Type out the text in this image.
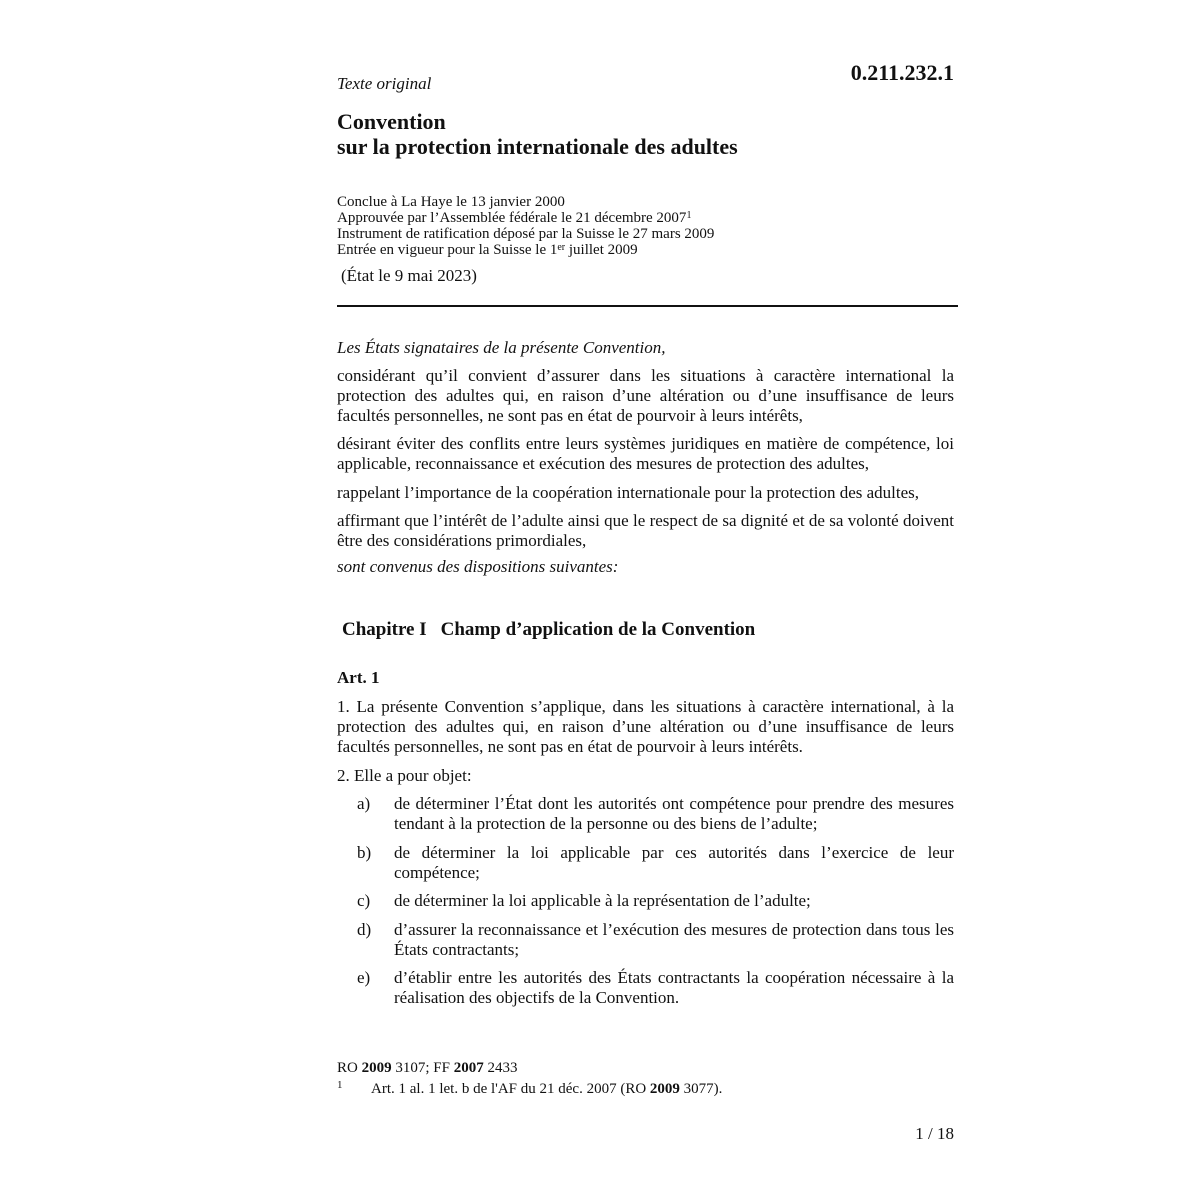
Texte original	0.211.232.1
Convention
sur la protection internationale des adultes
Conclue à La Haye le 13 janvier 2000
Approuvée par l’Assemblée fédérale le 21 décembre 2007$^1$
Instrument de ratification déposé par la Suisse le 27 mars 2009
Entrée en vigueur pour la Suisse le 1er juillet 2009
(État le 9 mai 2023)
Les États signataires de la présente Convention,
considérant qu’il convient d’assurer dans les situations à caractère international la protection des adultes qui, en raison d’une altération ou d’une insuffisance de leurs facultés personnelles, ne sont pas en état de pourvoir à leurs intérêts,
désirant éviter des conflits entre leurs systèmes juridiques en matière de compétence, loi applicable, reconnaissance et exécution des mesures de protection des adultes,
rappelant l’importance de la coopération internationale pour la protection des adultes,
affirmant que l’intérêt de l’adulte ainsi que le respect de sa dignité et de sa volonté doivent être des considérations primordiales,
sont convenus des dispositions suivantes:
Chapitre I Champ d’application de la Convention
Art. 1
1. La présente Convention s’applique, dans les situations à caractère international, à la protection des adultes qui, en raison d’une altération ou d’une insuffisance de leurs facultés personnelles, ne sont pas en état de pourvoir à leurs intérêts.
2. Elle a pour objet:
a) de déterminer l’État dont les autorités ont compétence pour prendre des mesures tendant à la protection de la personne ou des biens de l’adulte;
b) de déterminer la loi applicable par ces autorités dans l’exercice de leur compétence;
c) de déterminer la loi applicable à la représentation de l’adulte;
d) d’assurer la reconnaissance et l’exécution des mesures de protection dans tous les États contractants;
e) d’établir entre les autorités des États contractants la coopération nécessaire à la réalisation des objectifs de la Convention.
RO 2009 3107; FF 2007 2433
1 Art. 1 al. 1 let. b de l'AF du 21 déc. 2007 (RO 2009 3077).
1 / 18
